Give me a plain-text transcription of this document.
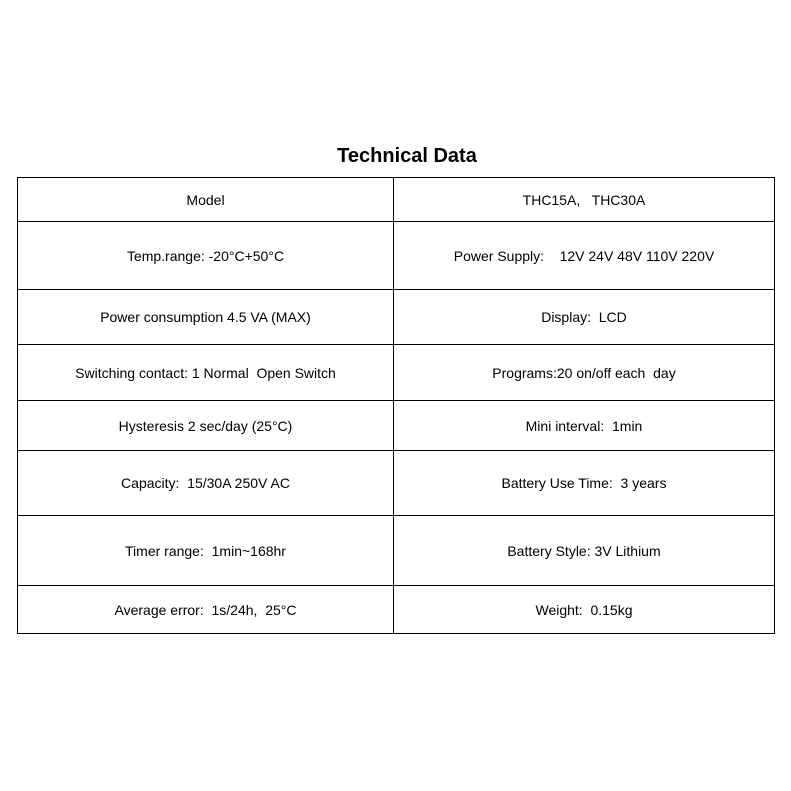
Technical Data
Model	THC15A,   THC30A
Temp.range: -20°C+50°C	Power Supply:    12V 24V 48V 110V 220V
Power consumption 4.5 VA (MAX)	Display:  LCD
Switching contact: 1 Normal  Open Switch	Programs:20 on/off each  day
Hysteresis 2 sec/day (25°C)	Mini interval:  1min
Capacity:  15/30A 250V AC	Battery Use Time:  3 years
Timer range:  1min~168hr	Battery Style: 3V Lithium
Average error:  1s/24h,  25°C	Weight:  0.15kg
